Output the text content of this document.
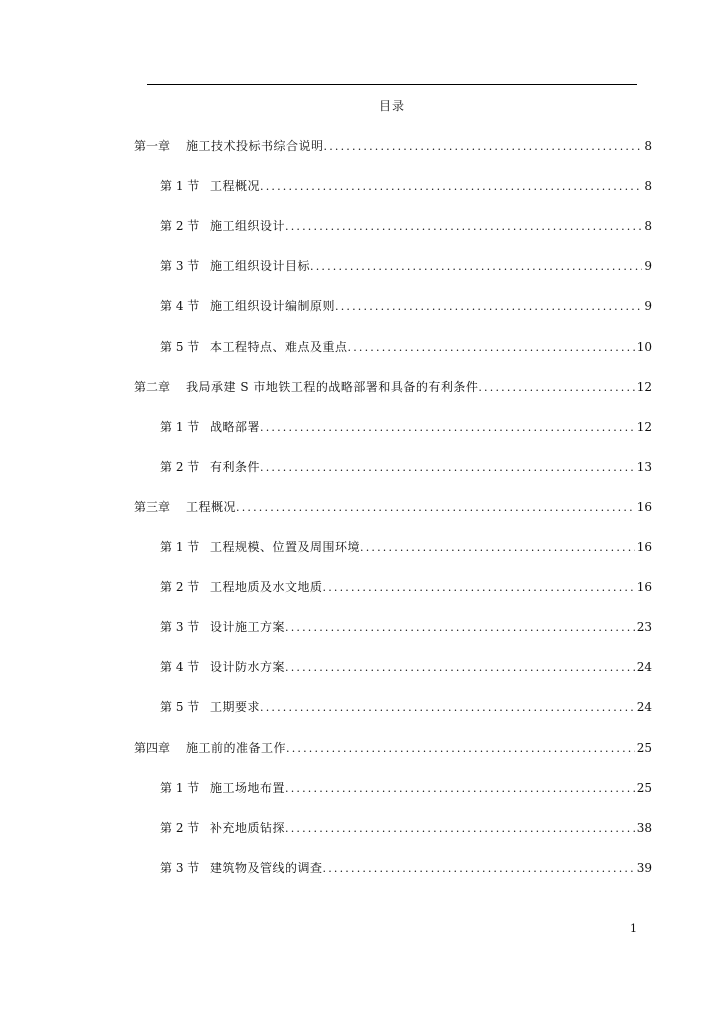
目录
第一章	施工技术投标书综合说明 .....	8
第 1 节 工程概况 .....	8
第 2 节 施工组织设计 .....	8
第 3 节 施工组织设计目标 .....	9
第 4 节 施工组织设计编制原则 .....	9
第 5 节 本工程特点、难点及重点 .....	10
第二章	我局承建 S 市地铁工程的战略部署和具备的有利条件 .....	12
第 1 节 战略部署 .....	12
第 2 节 有利条件 .....	13
第三章	工程概况 .....	16
第 1 节 工程规模、位置及周围环境 .....	16
第 2 节 工程地质及水文地质 .....	16
第 3 节 设计施工方案 .....	23
第 4 节 设计防水方案 .....	24
第 5 节 工期要求 .....	24
第四章	施工前的准备工作 .....	25
第 1 节 施工场地布置 .....	25
第 2 节 补充地质钻探 .....	38
第 3 节 建筑物及管线的调查 .....	39
1
